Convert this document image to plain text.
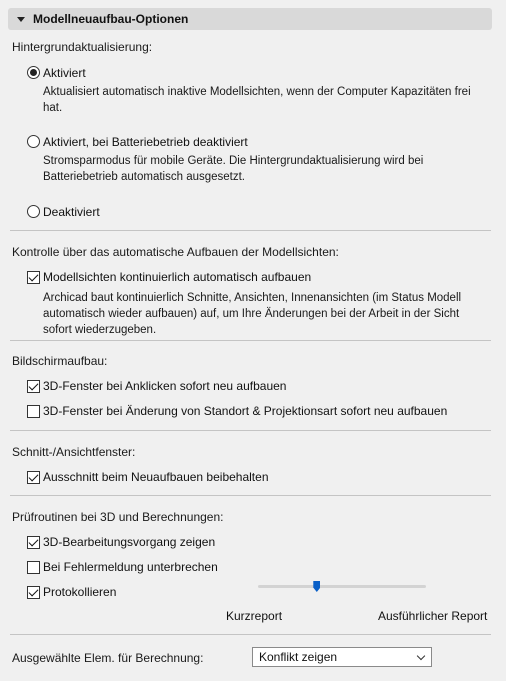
Modellneuaufbau-Optionen
Hintergrundaktualisierung:
Aktiviert
Aktualisiert automatisch inaktive Modellsichten, wenn der Computer Kapazitäten frei hat.
Aktiviert, bei Batteriebetrieb deaktiviert
Stromsparmodus für mobile Geräte. Die Hintergrundaktualisierung wird bei Batteriebetrieb automatisch ausgesetzt.
Deaktiviert
Kontrolle über das automatische Aufbauen der Modellsichten:
Modellsichten kontinuierlich automatisch aufbauen
Archicad baut kontinuierlich Schnitte, Ansichten, Innenansichten (im Status Modell automatisch wieder aufbauen) auf, um Ihre Änderungen bei der Arbeit in der Sicht sofort wiederzugeben.
Bildschirmaufbau:
3D-Fenster bei Anklicken sofort neu aufbauen
3D-Fenster bei Änderung von Standort & Projektionsart sofort neu aufbauen
Schnitt-/Ansichtfenster:
Ausschnitt beim Neuaufbauen beibehalten
Prüfroutinen bei 3D und Berechnungen:
3D-Bearbeitungsvorgang zeigen
Bei Fehlermeldung unterbrechen
Protokollieren
Kurzreport	Ausführlicher Report
Ausgewählte Elem. für Berechnung:	Konflikt zeigen
